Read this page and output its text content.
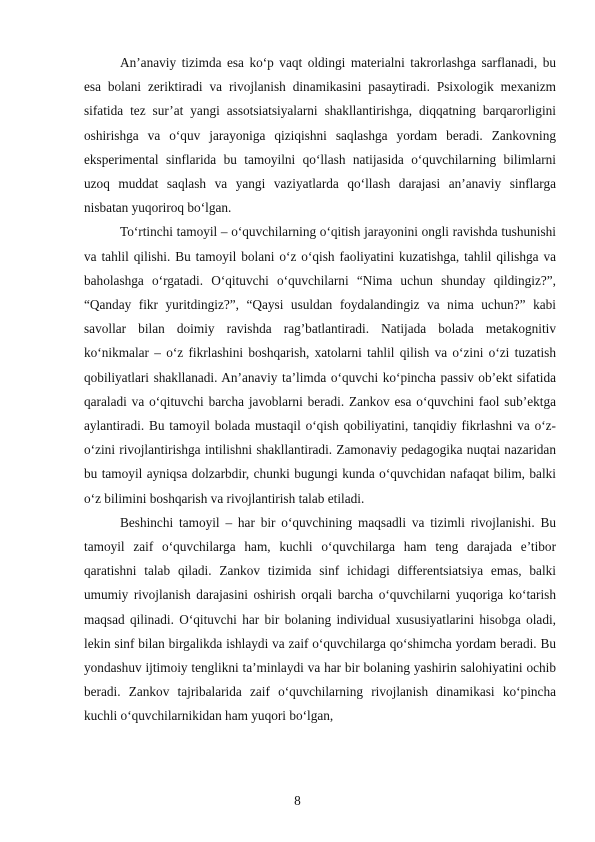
An’anaviy tizimda esa ko‘p vaqt oldingi materialni takrorlashga sarflanadi, bu esa bolani zeriktiradi va rivojlanish dinamikasini pasaytiradi. Psixologik mexanizm sifatida tez sur’at yangi assotsiatsiyalarni shakllantirishga, diqqatning barqarorligini oshirishga va o‘quv jarayoniga qiziqishni saqlashga yordam beradi. Zankovning eksperimental sinflarida bu tamoyilni qo‘llash natijasida o‘quvchilarning bilimlarni uzoq muddat saqlash va yangi vaziyatlarda qo‘llash darajasi an’anaviy sinflarga nisbatan yuqoriroq bo‘lgan.

To‘rtinchi tamoyil – o‘quvchilarning o‘qitish jarayonini ongli ravishda tushunishi va tahlil qilishi. Bu tamoyil bolani o‘z o‘qish faoliyatini kuzatishga, tahlil qilishga va baholashga o‘rgatadi. O‘qituvchi o‘quvchilarni “Nima uchun shunday qildingiz?”, “Qanday fikr yuritdingiz?”, “Qaysi usuldan foydalandingiz va nima uchun?” kabi savollar bilan doimiy ravishda rag’batlantiradi. Natijada bolada metakognitiv ko‘nikmalar – o‘z fikrlashini boshqarish, xatolarni tahlil qilish va o‘zini o‘zi tuzatish qobiliyatlari shakllanadi. An’anaviy ta’limda o‘quvchi ko‘pincha passiv ob’ekt sifatida qaraladi va o‘qituvchi barcha javoblarni beradi. Zankov esa o‘quvchini faol sub’ektga aylantiradi. Bu tamoyil bolada mustaqil o‘qish qobiliyatini, tanqidiy fikrlashni va o‘z-o‘zini rivojlantirishga intilishni shakllantiradi. Zamonaviy pedagogika nuqtai nazaridan bu tamoyil ayniqsa dolzarbdir, chunki bugungi kunda o‘quvchidan nafaqat bilim, balki o‘z bilimini boshqarish va rivojlantirish talab etiladi.

Beshinchi tamoyil – har bir o‘quvchining maqsadli va tizimli rivojlanishi. Bu tamoyil zaif o‘quvchilarga ham, kuchli o‘quvchilarga ham teng darajada e’tibor qaratishni talab qiladi. Zankov tizimida sinf ichidagi differentsiatsiya emas, balki umumiy rivojlanish darajasini oshirish orqali barcha o‘quvchilarni yuqoriga ko‘tarish maqsad qilinadi. O‘qituvchi har bir bolaning individual xususiyatlarini hisobga oladi, lekin sinf bilan birgalikda ishlaydi va zaif o‘quvchilarga qo‘shimcha yordam beradi. Bu yondashuv ijtimoiy tenglikni ta’minlaydi va har bir bolaning yashirin salohiyatini ochib beradi. Zankov tajribalarida zaif o‘quvchilarning rivojlanish dinamikasi ko‘pincha kuchli o‘quvchilarnikidan ham yuqori bo‘lgan,

8
